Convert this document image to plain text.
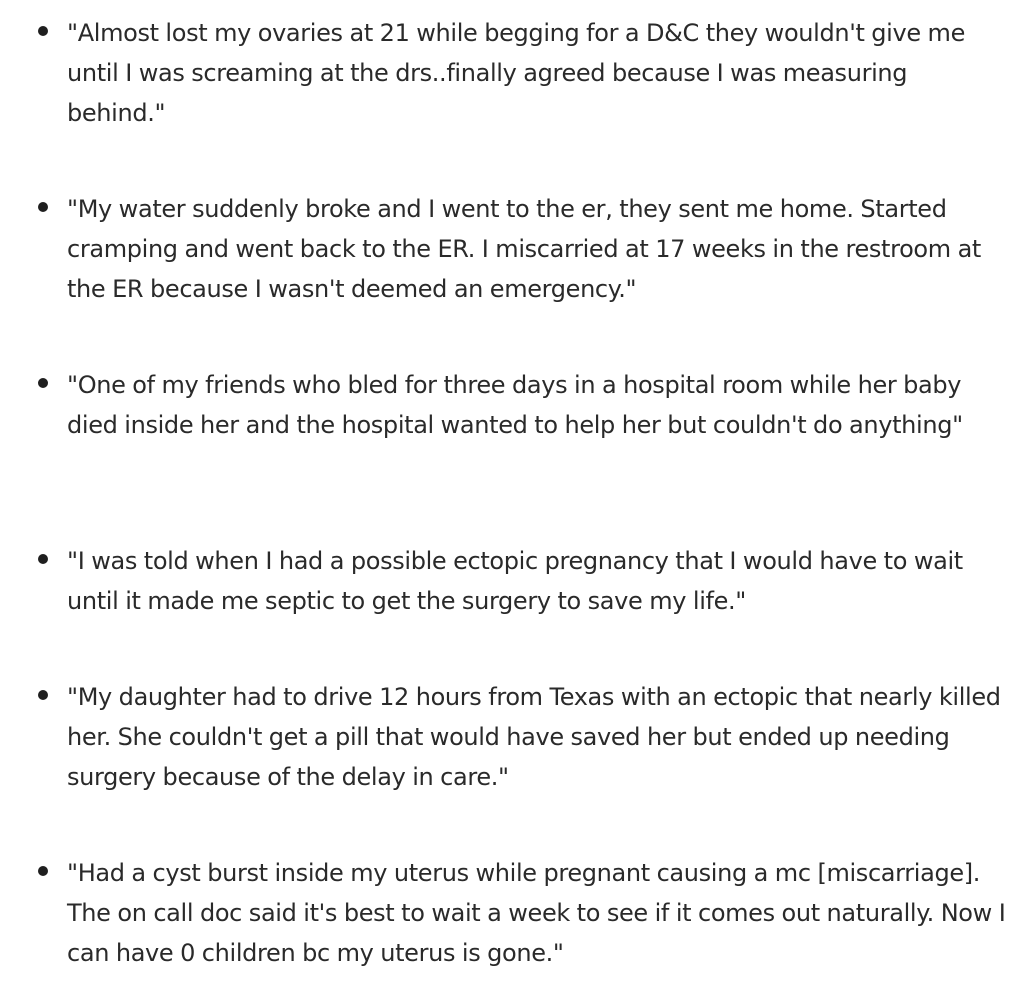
"Almost lost my ovaries at 21 while begging for a D&C they wouldn't give me until I was screaming at the drs..finally agreed because I was measuring behind."

"My water suddenly broke and I went to the er, they sent me home. Started cramping and went back to the ER. I miscarried at 17 weeks in the restroom at the ER because I wasn't deemed an emergency."

"One of my friends who bled for three days in a hospital room while her baby died inside her and the hospital wanted to help her but couldn't do anything"

"I was told when I had a possible ectopic pregnancy that I would have to wait until it made me septic to get the surgery to save my life."

"My daughter had to drive 12 hours from Texas with an ectopic that nearly killed her. She couldn't get a pill that would have saved her but ended up needing surgery because of the delay in care."

"Had a cyst burst inside my uterus while pregnant causing a mc [miscarriage]. The on call doc said it's best to wait a week to see if it comes out naturally. Now I can have 0 children bc my uterus is gone."
